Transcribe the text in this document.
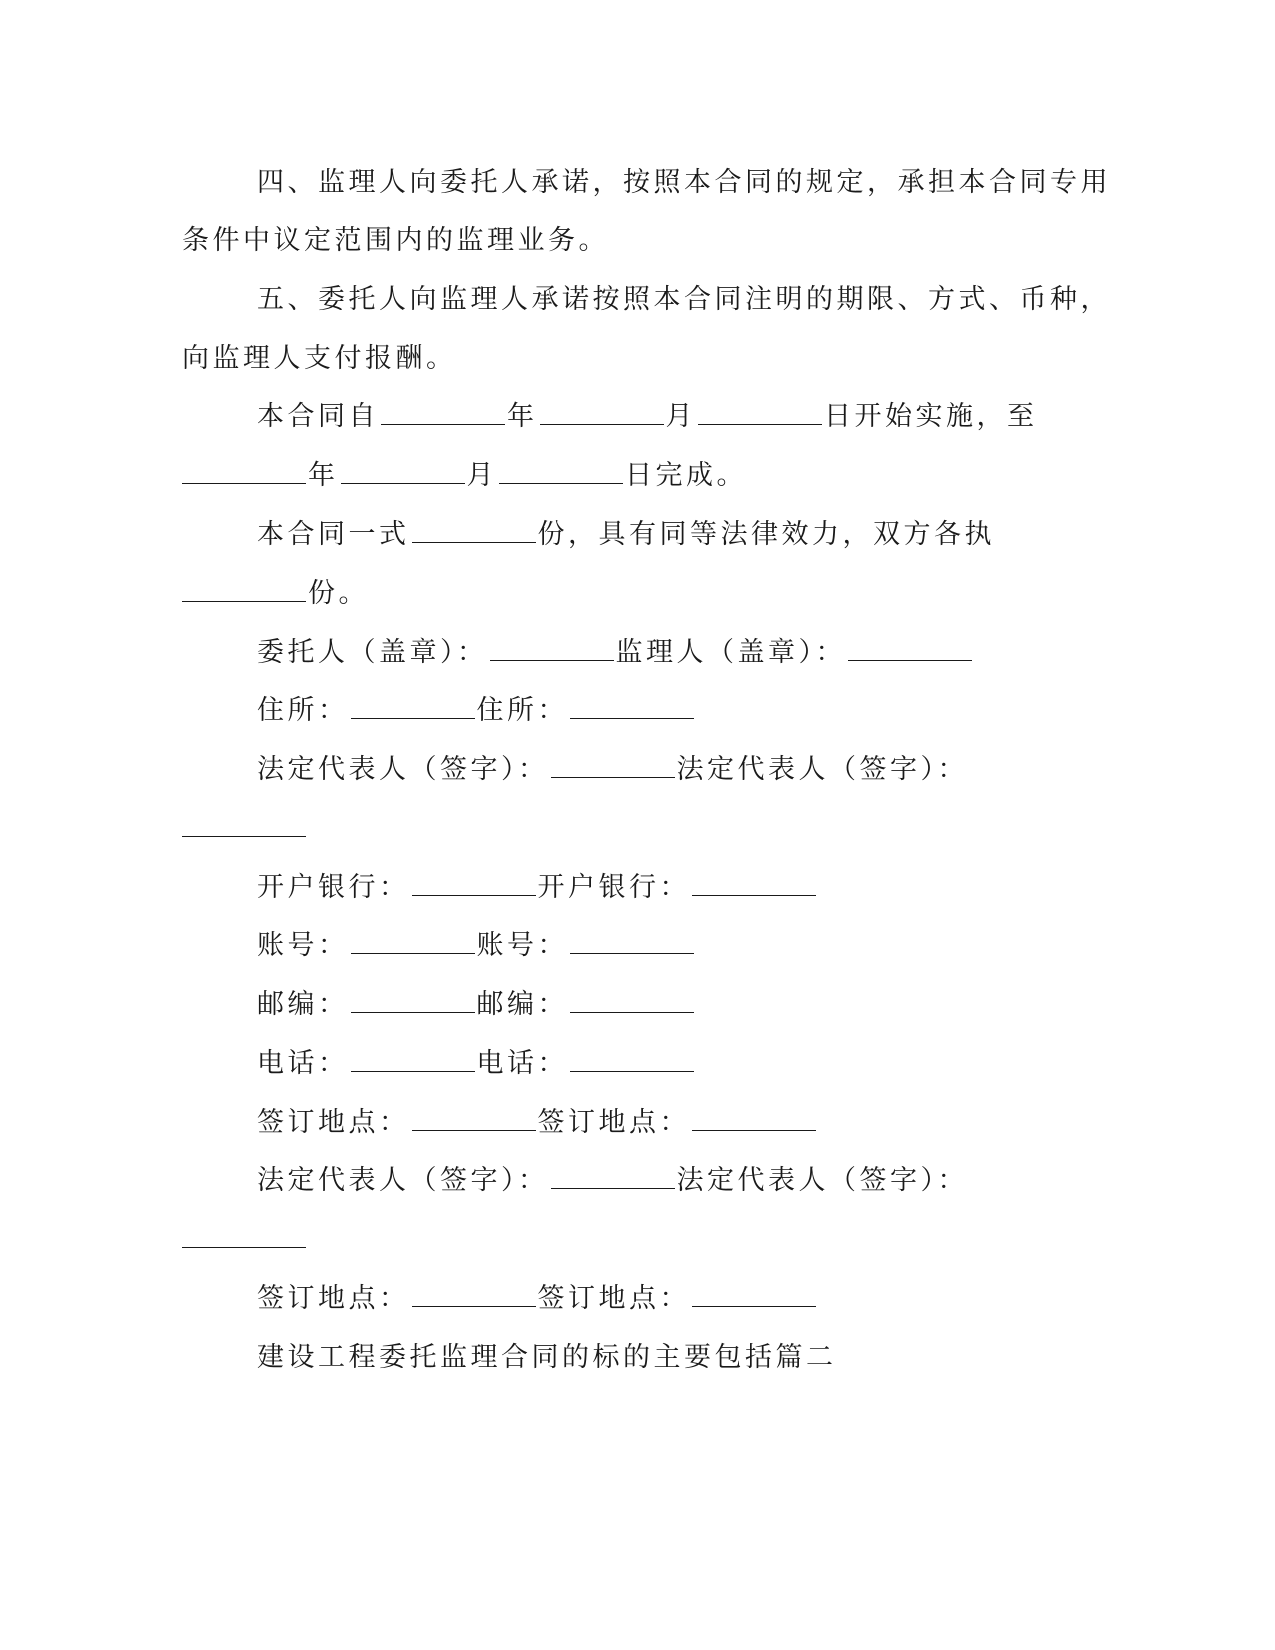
四、监理人向委托人承诺，按照本合同的规定，承担本合同专用
条件中议定范围内的监理业务。
五、委托人向监理人承诺按照本合同注明的期限、方式、币种，
向监理人支付报酬。
本合同自	年	月	日开始实施，至
年	月	日完成。
本合同一式	份，具有同等法律效力，双方各执
份。
委托人（盖章）：	监理人（盖章）：
住所：	住所：
法定代表人（签字）：	法定代表人（签字）：
开户银行：	开户银行：
账号：	账号：
邮编：	邮编：
电话：	电话：
签订地点：	签订地点：
法定代表人（签字）：	法定代表人（签字）：
签订地点：	签订地点：
建设工程委托监理合同的标的主要包括篇二
